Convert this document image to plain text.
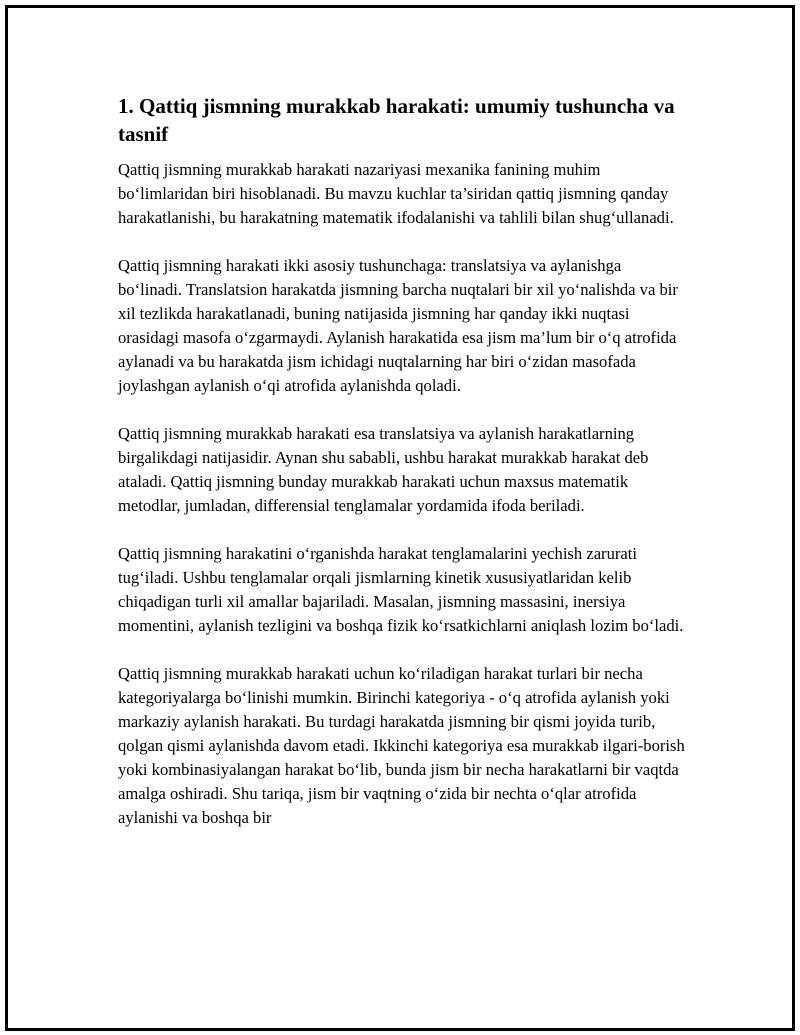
1. Qattiq jismning murakkab harakati: umumiy tushuncha va tasnif

Qattiq jismning murakkab harakati nazariyasi mexanika fanining muhim bo‘limlaridan biri hisoblanadi. Bu mavzu kuchlar ta’siridan qattiq jismning qanday harakatlanishi, bu harakatning matematik ifodalanishi va tahlili bilan shug‘ullanadi.

Qattiq jismning harakati ikki asosiy tushunchaga: translatsiya va aylanishga bo‘linadi. Translatsion harakatda jismning barcha nuqtalari bir xil yo‘nalishda va bir xil tezlikda harakatlanadi, buning natijasida jismning har qanday ikki nuqtasi orasidagi masofa o‘zgarmaydi. Aylanish harakatida esa jism ma’lum bir o‘q atrofida aylanadi va bu harakatda jism ichidagi nuqtalarning har biri o‘zidan masofada joylashgan aylanish o‘qi atrofida aylanishda qoladi.

Qattiq jismning murakkab harakati esa translatsiya va aylanish harakatlarning birgalikdagi natijasidir. Aynan shu sababli, ushbu harakat murakkab harakat deb ataladi. Qattiq jismning bunday murakkab harakati uchun maxsus matematik metodlar, jumladan, differensial tenglamalar yordamida ifoda beriladi.

Qattiq jismning harakatini o‘rganishda harakat tenglamalarini yechish zarurati tug‘iladi. Ushbu tenglamalar orqali jismlarning kinetik xususiyatlaridan kelib chiqadigan turli xil amallar bajariladi. Masalan, jismning massasini, inersiya momentini, aylanish tezligini va boshqa fizik ko‘rsatkichlarni aniqlash lozim bo‘ladi.

Qattiq jismning murakkab harakati uchun ko‘riladigan harakat turlari bir necha kategoriyalarga bo‘linishi mumkin. Birinchi kategoriya - o‘q atrofida aylanish yoki markaziy aylanish harakati. Bu turdagi harakatda jismning bir qismi joyida turib, qolgan qismi aylanishda davom etadi. Ikkinchi kategoriya esa murakkab ilgari-borish yoki kombinasiyalangan harakat bo‘lib, bunda jism bir necha harakatlarni bir vaqtda amalga oshiradi. Shu tariqa, jism bir vaqtning o‘zida bir nechta o‘qlar atrofida aylanishi va boshqa bir
